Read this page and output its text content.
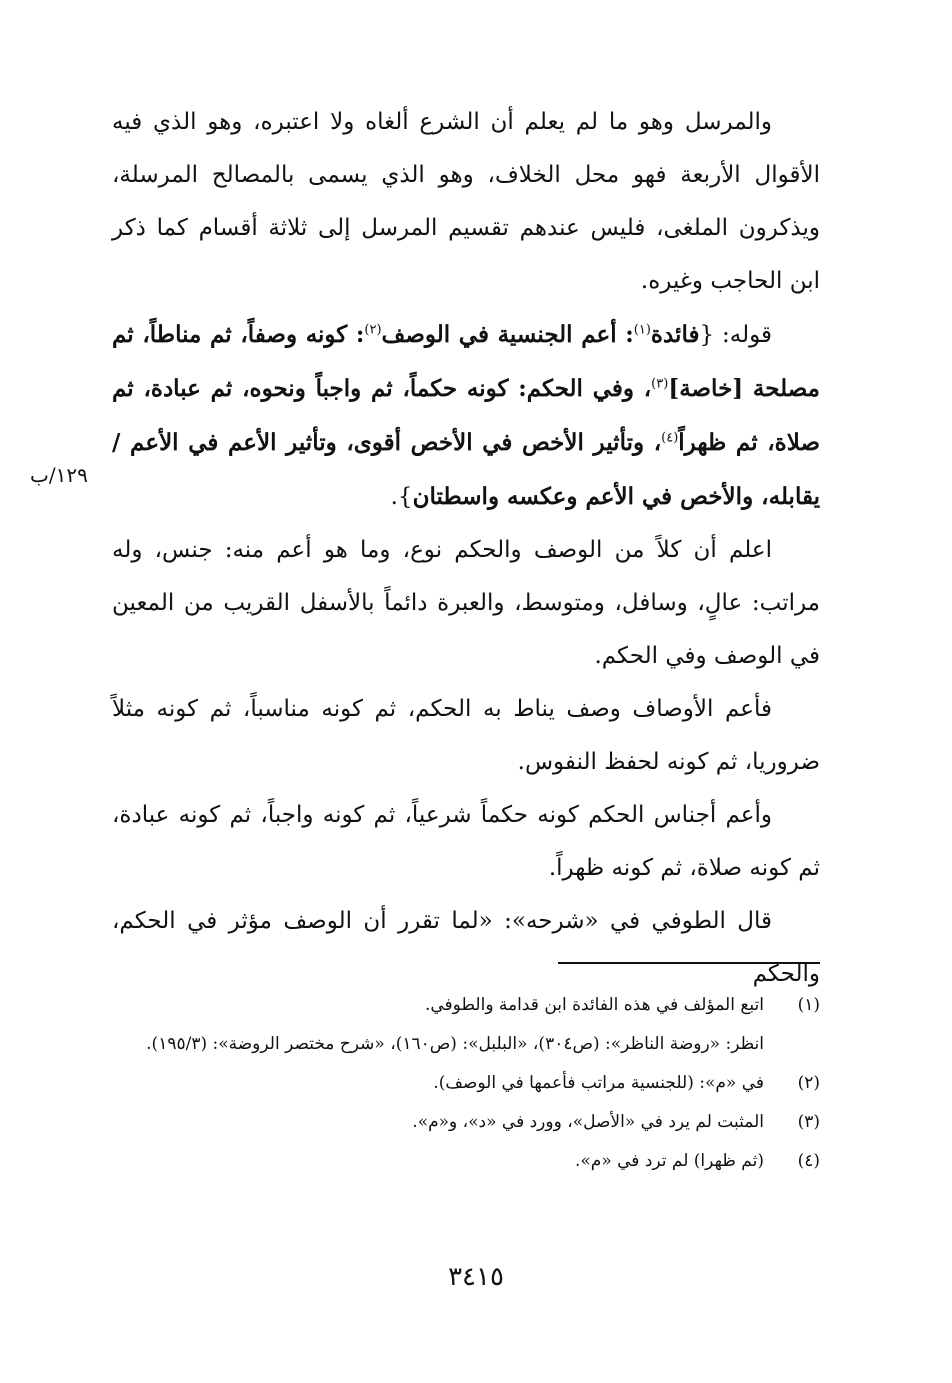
والمرسل وهو ما لم يعلم أن الشرع ألغاه ولا اعتبره، وهو الذي فيه الأقوال الأربعة فهو محل الخلاف، وهو الذي يسمى بالمصالح المرسلة، ويذكرون الملغى، فليس عندهم تقسيم المرسل إلى ثلاثة أقسام كما ذكر ابن الحاجب وغيره.

قوله: {فائدة$^{(١)}$: أعم الجنسية في الوصف$^{(٢)}$: كونه وصفاً، ثم مناطاً، ثم مصلحة [خاصة]$^{(٣)}$، وفي الحكم: كونه حكماً، ثم واجباً ونحوه، ثم عبادة، ثم صلاة، ثم ظهراً$^{(٤)}$، وتأثير الأخص في الأخص أقوى، وتأثير الأعم في الأعم / يقابله، والأخص في الأعم وعكسه واسطتان}.

اعلم أن كلاً من الوصف والحكم نوع، وما هو أعم منه: جنس، وله مراتب: عالٍ، وسافل، ومتوسط، والعبرة دائماً بالأسفل القريب من المعين في الوصف وفي الحكم.

فأعم الأوصاف وصف يناط به الحكم، ثم كونه مناسباً، ثم كونه مثلاً ضروريا، ثم كونه لحفظ النفوس.

وأعم أجناس الحكم كونه حكماً شرعياً، ثم كونه واجباً، ثم كونه عبادة، ثم كونه صلاة، ثم كونه ظهراً.

قال الطوفي في «شرحه»: «لما تقرر أن الوصف مؤثر في الحكم، والحكم

١٢٩/ب
(١)
اتبع المؤلف في هذه الفائدة ابن قدامة والطوفي.
انظر: «روضة الناظر»: (ص٣٠٤)، «البلبل»: (ص١٦٠)، «شرح مختصر الروضة»: (١٩٥/٣).
(٢)
في «م»: (للجنسية مراتب فأعمها في الوصف).
(٣)
المثبت لم يرد في «الأصل»، وورد في «د»، و«م».
(٤)
(ثم ظهرا) لم ترد في «م».
٣٤١٥
